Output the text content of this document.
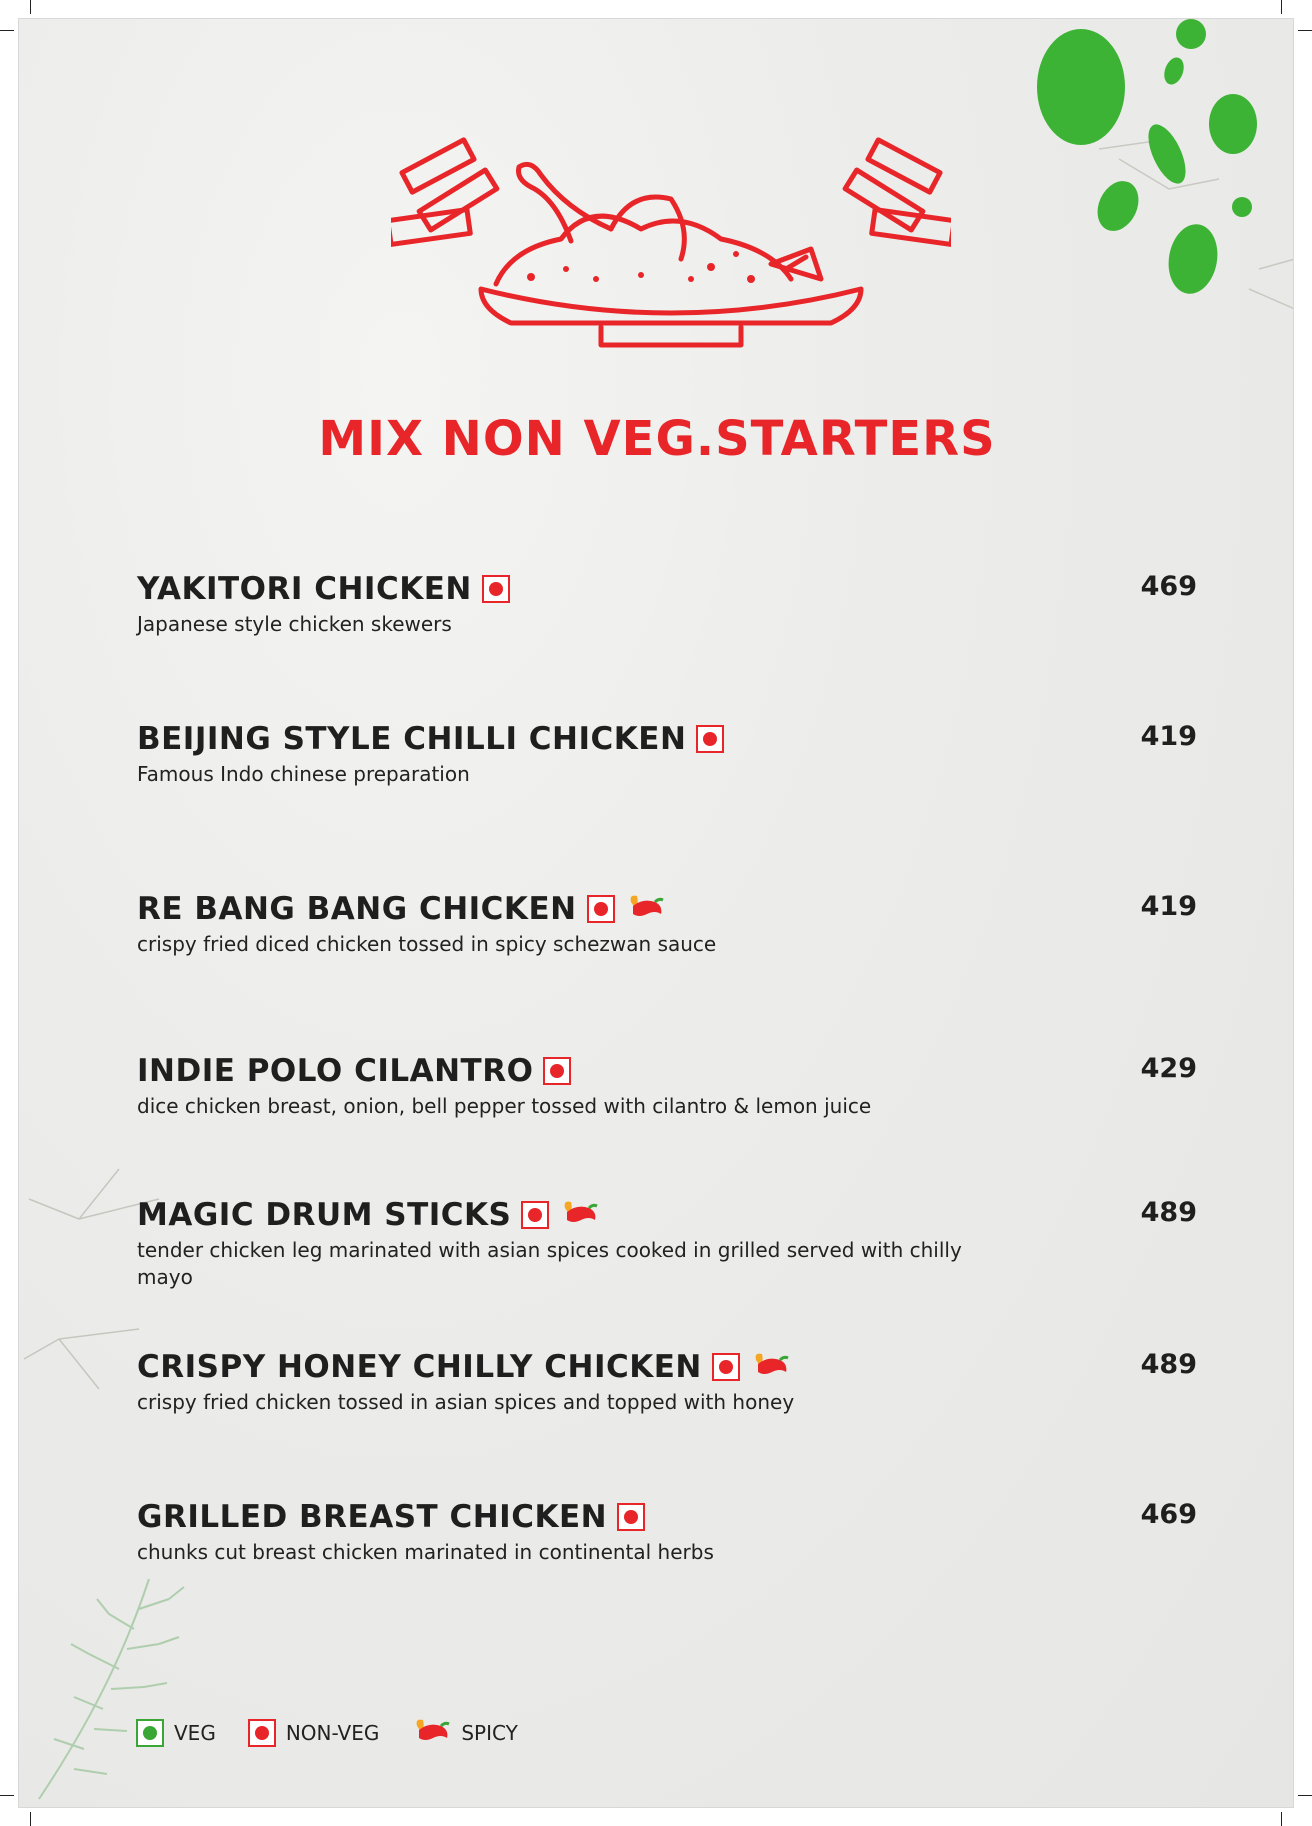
MIX NON VEG.STARTERS
YAKITORI CHICKEN
Japanese style chicken skewers
469
BEIJING STYLE CHILLI CHICKEN
Famous Indo chinese preparation
419
RE BANG BANG CHICKEN
crispy fried diced chicken tossed in spicy schezwan sauce
419
INDIE POLO CILANTRO
dice chicken breast, onion, bell pepper tossed with cilantro & lemon juice
429
MAGIC DRUM STICKS
tender chicken leg marinated with asian spices cooked in grilled served with chilly mayo
489
CRISPY HONEY CHILLY CHICKEN
crispy fried chicken tossed in asian spices and topped with honey
489
GRILLED BREAST CHICKEN
chunks cut breast chicken marinated in continental herbs
469
VEG	NON-VEG	SPICY
